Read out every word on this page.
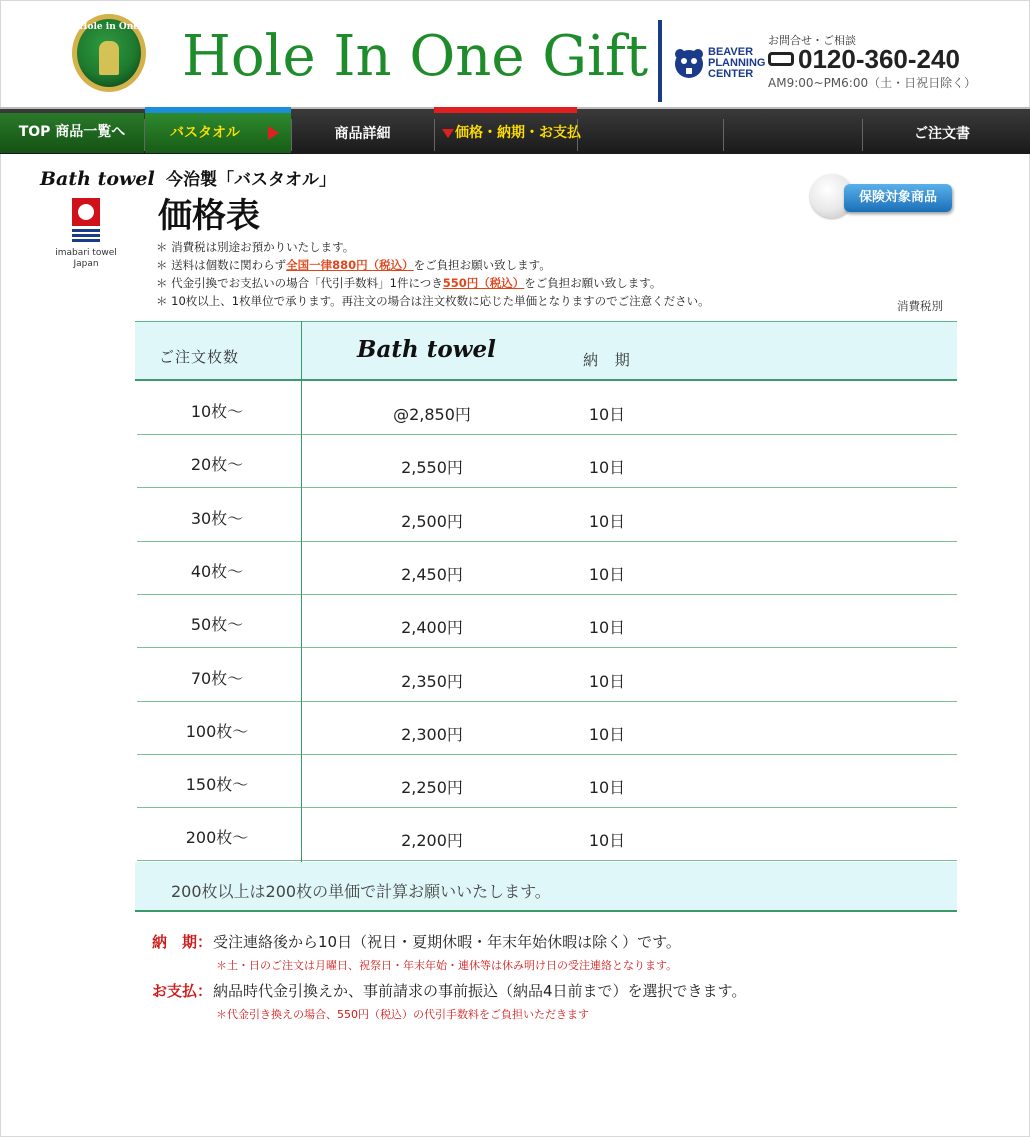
Hole in One Hole In One Gift	BEAVER
PLANNING
CENTER
お問合せ・ご相談
0120-360-240
AM9:00~PM6:00（土・日祝日除く）
商品詳細	ご注文書
TOP 商品一覧へ	バスタオル	価格・納期・お支払
Bath towel
imabari towel
Japan
今治製「バスタオル」
価格表	保険対象商品
＊ 消費税は別途お預かりいたします。
＊ 送料は個数に関わらず全国一律880円（税込）をご負担お願い致します。
＊ 代金引換でお支払いの場合「代引手数料」1件につき550円（税込）をご負担お願い致します。
＊ 10枚以上、1枚単位で承ります。再注文の場合は注文枚数に応じた単価となりますのでご注意ください。	消費税別
ご注文枚数	Bath towel	納 期
10枚〜	@2,850円	10日
20枚〜	2,550円	10日
30枚〜	2,500円	10日
40枚〜	2,450円	10日
50枚〜	2,400円	10日
70枚〜	2,350円	10日
100枚〜	2,300円	10日
150枚〜	2,250円	10日
200枚〜	2,200円	10日
200枚以上は200枚の単価で計算お願いいたします。
納　期： 受注連絡後から10日（祝日・夏期休暇・年末年始休暇は除く）です。
＊土・日のご注文は月曜日、祝祭日・年末年始・連休等は休み明け日の受注連絡となります。
お支払： 納品時代金引換えか、事前請求の事前振込（納品4日前まで）を選択できます。
＊代金引き換えの場合、550円（税込）の代引手数料をご負担いただきます
